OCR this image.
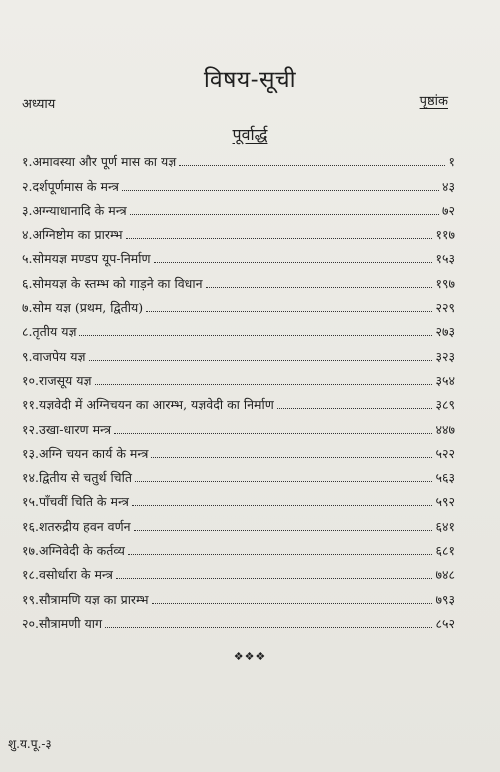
विषय-सूची
अध्याय	पृष्ठांक
पूर्वार्द्ध
१. अमावस्या और पूर्ण मास का यज्ञ	१
२. दर्शपूर्णमास के मन्त्र	४३
३. अग्न्याधानादि के मन्त्र	७२
४. अग्निष्टोम का प्रारम्भ	११७
५. सोमयज्ञ मण्डप यूप-निर्माण	१५३
६. सोमयज्ञ के स्तम्भ को गाड़ने का विधान	१९७
७. सोम यज्ञ (प्रथम, द्वितीय)	२२९
८. तृतीय यज्ञ	२७३
९. वाजपेय यज्ञ	३२३
१०. राजसूय यज्ञ	३५४
११. यज्ञवेदी में अग्निचयन का आरम्भ, यज्ञवेदी का निर्माण	३८९
१२. उखा-धारण मन्त्र	४४७
१३. अग्नि चयन कार्य के मन्त्र	५२२
१४. द्वितीय से चतुर्थ चिति	५६३
१५. पाँचवीं चिति के मन्त्र	५९२
१६. शतरुद्रीय हवन वर्णन	६४१
१७. अग्निवेदी के कर्तव्य	६८१
१८. वसोर्धारा के मन्त्र	७४८
१९. सौत्रामणि यज्ञ का प्रारम्भ	७९३
२०. सौत्रामणी याग	८५२
❖❖❖
शु.य.पू.-३
